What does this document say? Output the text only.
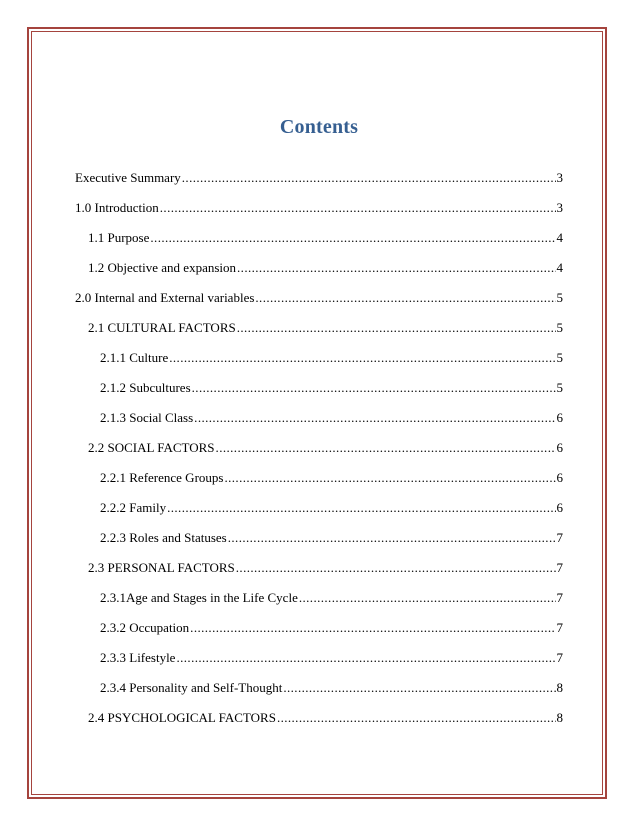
Contents
Executive Summary .....	3
1.0 Introduction .....	3
1.1 Purpose .....	4
1.2 Objective and expansion .....	4
2.0 Internal and External variables .....	5
2.1 CULTURAL FACTORS .....	5
2.1.1 Culture .....	5
2.1.2 Subcultures .....	5
2.1.3 Social Class .....	6
2.2 SOCIAL FACTORS .....	6
2.2.1 Reference Groups .....	6
2.2.2 Family .....	6
2.2.3 Roles and Statuses .....	7
2.3 PERSONAL FACTORS .....	7
2.3.1Age and Stages in the Life Cycle .....	7
2.3.2 Occupation .....	7
2.3.3 Lifestyle .....	7
2.3.4 Personality and Self-Thought .....	8
2.4 PSYCHOLOGICAL FACTORS .....	8
